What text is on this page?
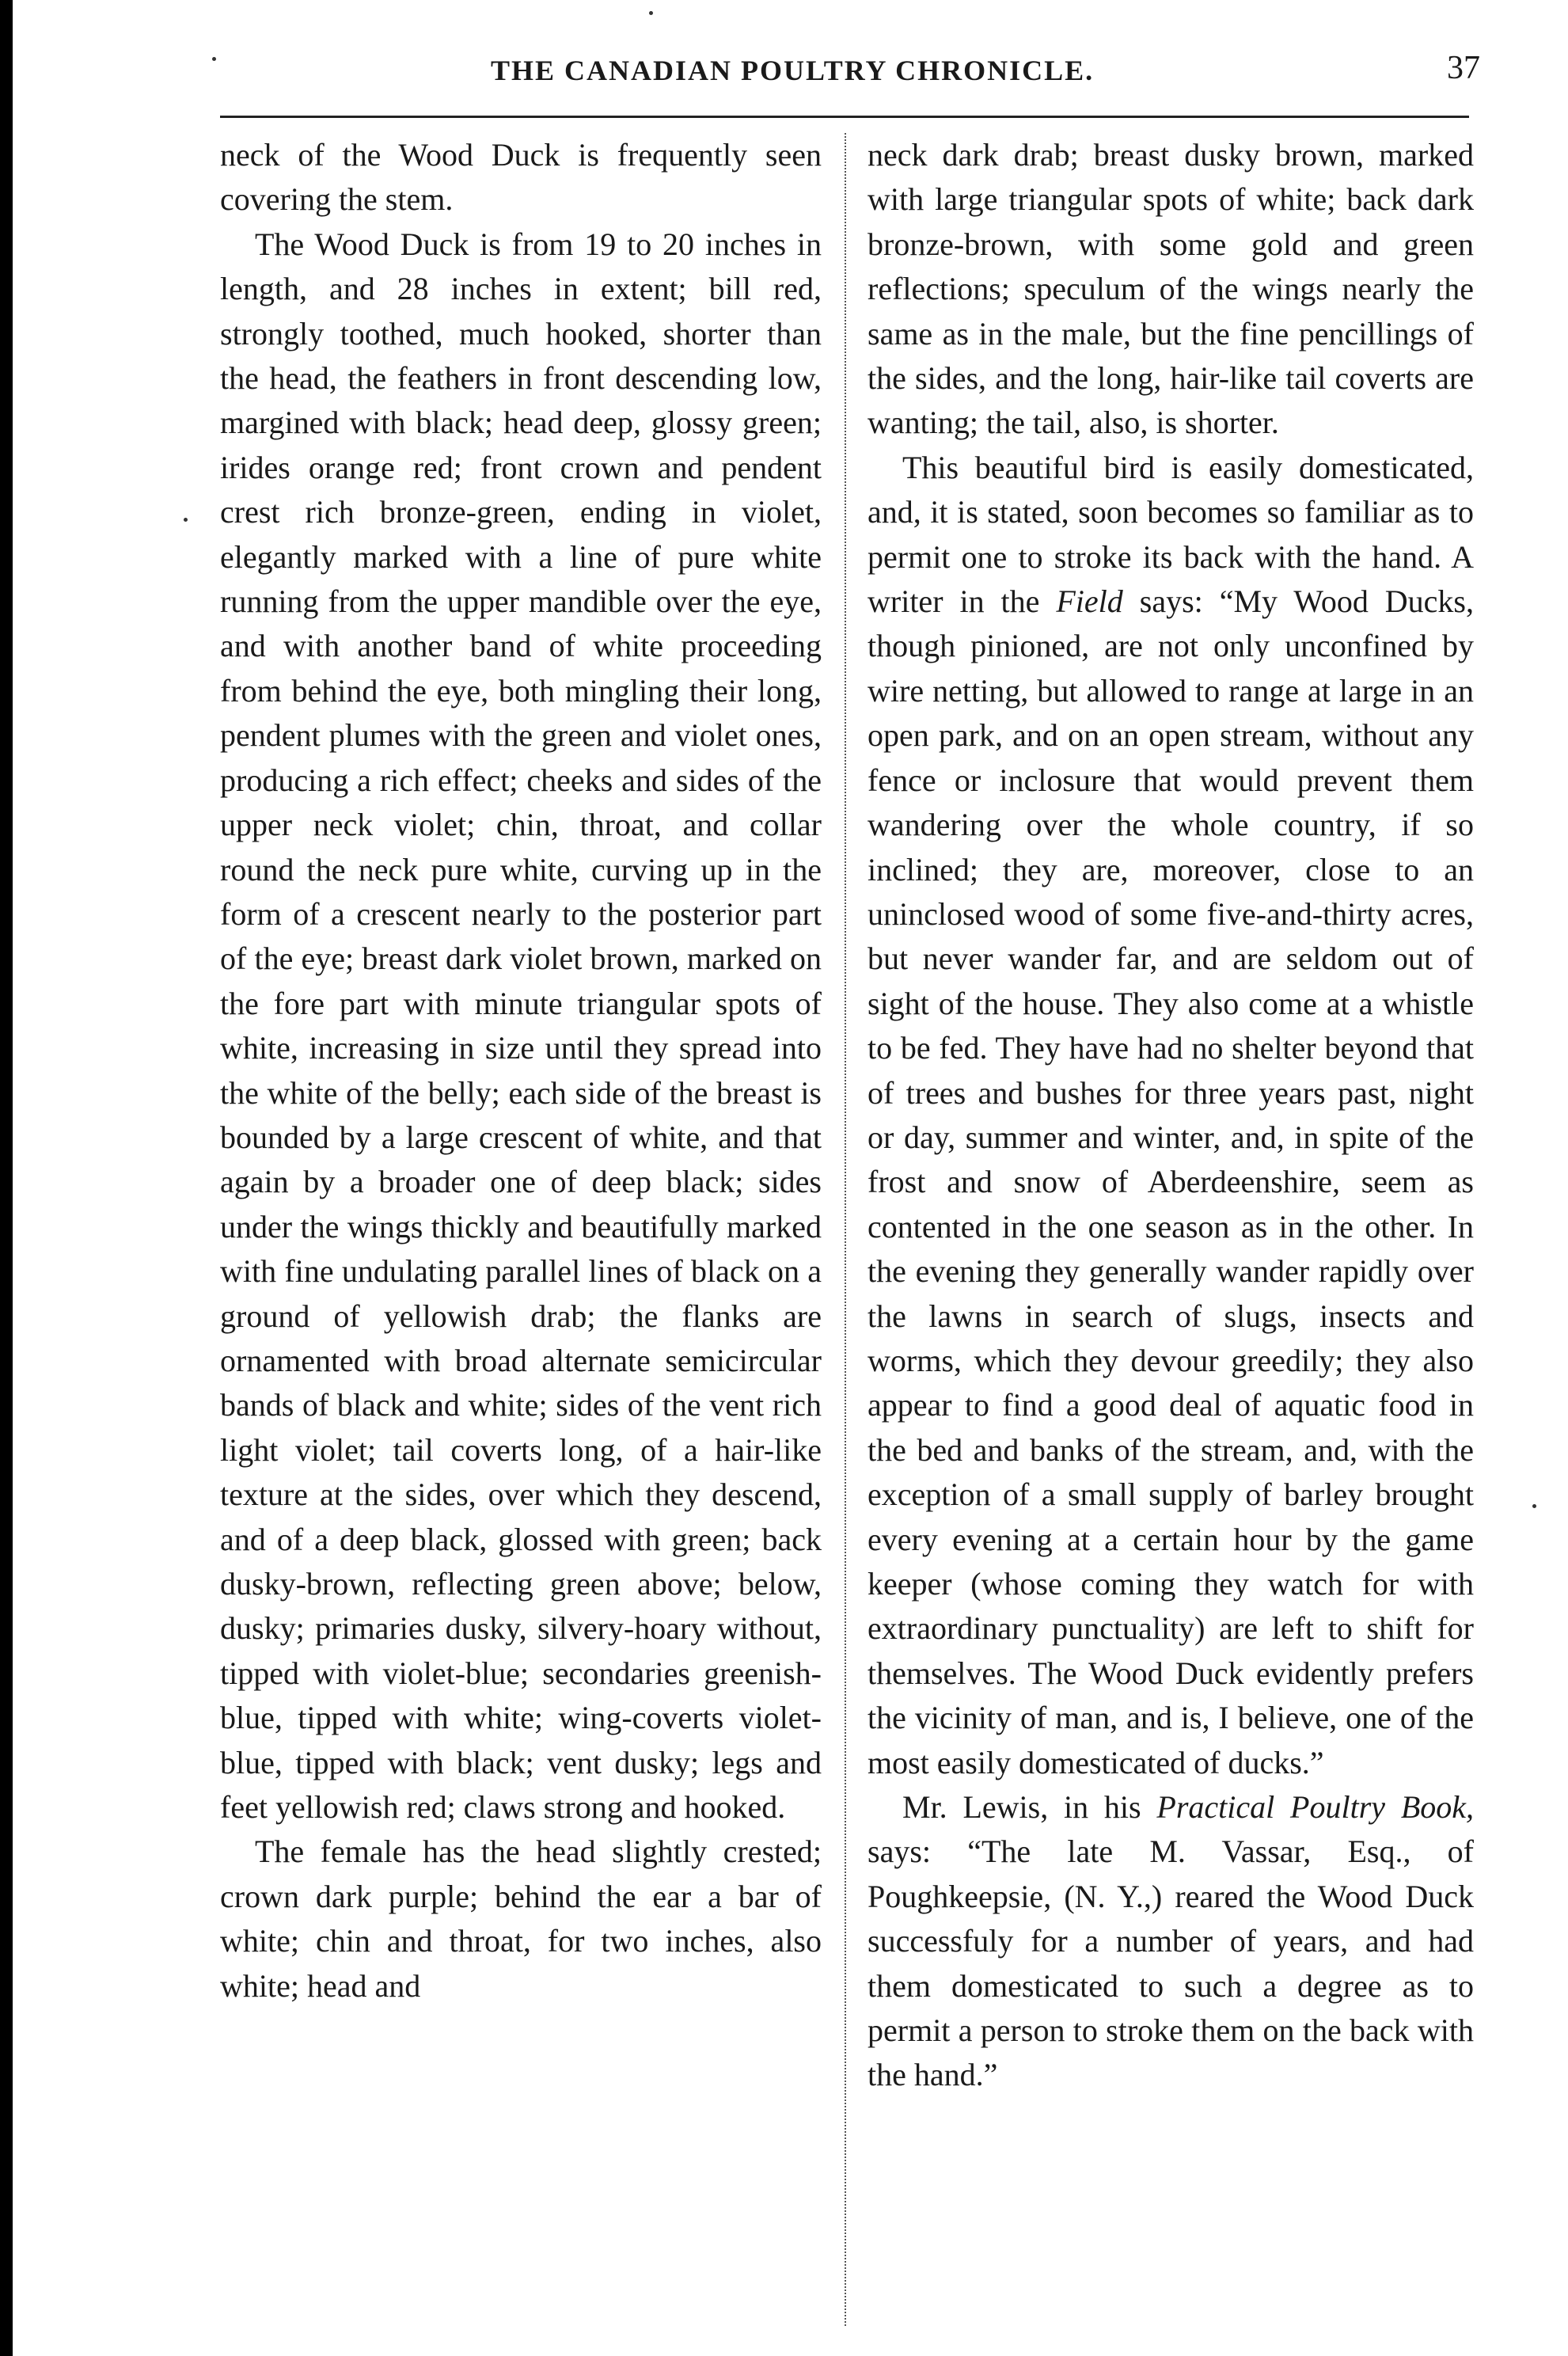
THE CANADIAN POULTRY CHRONICLE.	37

neck of the Wood Duck is frequently seen covering the stem.

The Wood Duck is from 19 to 20 inches in length, and 28 inches in extent; bill red, strongly toothed, much hooked, shorter than the head, the feathers in front descending low, margined with black; head deep, glossy green; irides orange red; front crown and pendent crest rich bronze-green, ending in violet, elegantly marked with a line of pure white running from the upper mandible over the eye, and with another band of white proceeding from behind the eye, both mingling their long, pendent plumes with the green and violet ones, producing a rich effect; cheeks and sides of the upper neck violet; chin, throat, and collar round the neck pure white, curving up in the form of a crescent nearly to the posterior part of the eye; breast dark violet brown, marked on the fore part with minute triangular spots of white, increasing in size until they spread into the white of the belly; each side of the breast is bounded by a large crescent of white, and that again by a broader one of deep black; sides under the wings thickly and beautifully marked with fine undulating parallel lines of black on a ground of yellowish drab; the flanks are ornamented with broad alternate semicircular bands of black and white; sides of the vent rich light violet; tail coverts long, of a hair-like texture at the sides, over which they descend, and of a deep black, glossed with green; back dusky-brown, reflecting green above; below, dusky; primaries dusky, silvery-hoary without, tipped with violet-blue; secondaries greenish-blue, tipped with white; wing-coverts violet-blue, tipped with black; vent dusky; legs and feet yellowish red; claws strong and hooked.

The female has the head slightly crested; crown dark purple; behind the ear a bar of white; chin and throat, for two inches, also white; head and

neck dark drab; breast dusky brown, marked with large triangular spots of white; back dark bronze-brown, with some gold and green reflections; speculum of the wings nearly the same as in the male, but the fine pencillings of the sides, and the long, hair-like tail coverts are wanting; the tail, also, is shorter.

This beautiful bird is easily domesticated, and, it is stated, soon becomes so familiar as to permit one to stroke its back with the hand. A writer in the Field says: “My Wood Ducks, though pinioned, are not only unconfined by wire netting, but allowed to range at large in an open park, and on an open stream, without any fence or inclosure that would prevent them wandering over the whole country, if so inclined; they are, moreover, close to an uninclosed wood of some five-and-thirty acres, but never wander far, and are seldom out of sight of the house. They also come at a whistle to be fed. They have had no shelter beyond that of trees and bushes for three years past, night or day, summer and winter, and, in spite of the frost and snow of Aberdeenshire, seem as contented in the one season as in the other. In the evening they generally wander rapidly over the lawns in search of slugs, insects and worms, which they devour greedily; they also appear to find a good deal of aquatic food in the bed and banks of the stream, and, with the exception of a small supply of barley brought every evening at a certain hour by the game keeper (whose coming they watch for with extraordinary punctuality) are left to shift for themselves. The Wood Duck evidently prefers the vicinity of man, and is, I believe, one of the most easily domesticated of ducks.”

Mr. Lewis, in his Practical Poultry Book, says: “The late M. Vassar, Esq., of Poughkeepsie, (N. Y.,) reared the Wood Duck successfuly for a number of years, and had them domesticated to such a degree as to permit a person to stroke them on the back with the hand.”
